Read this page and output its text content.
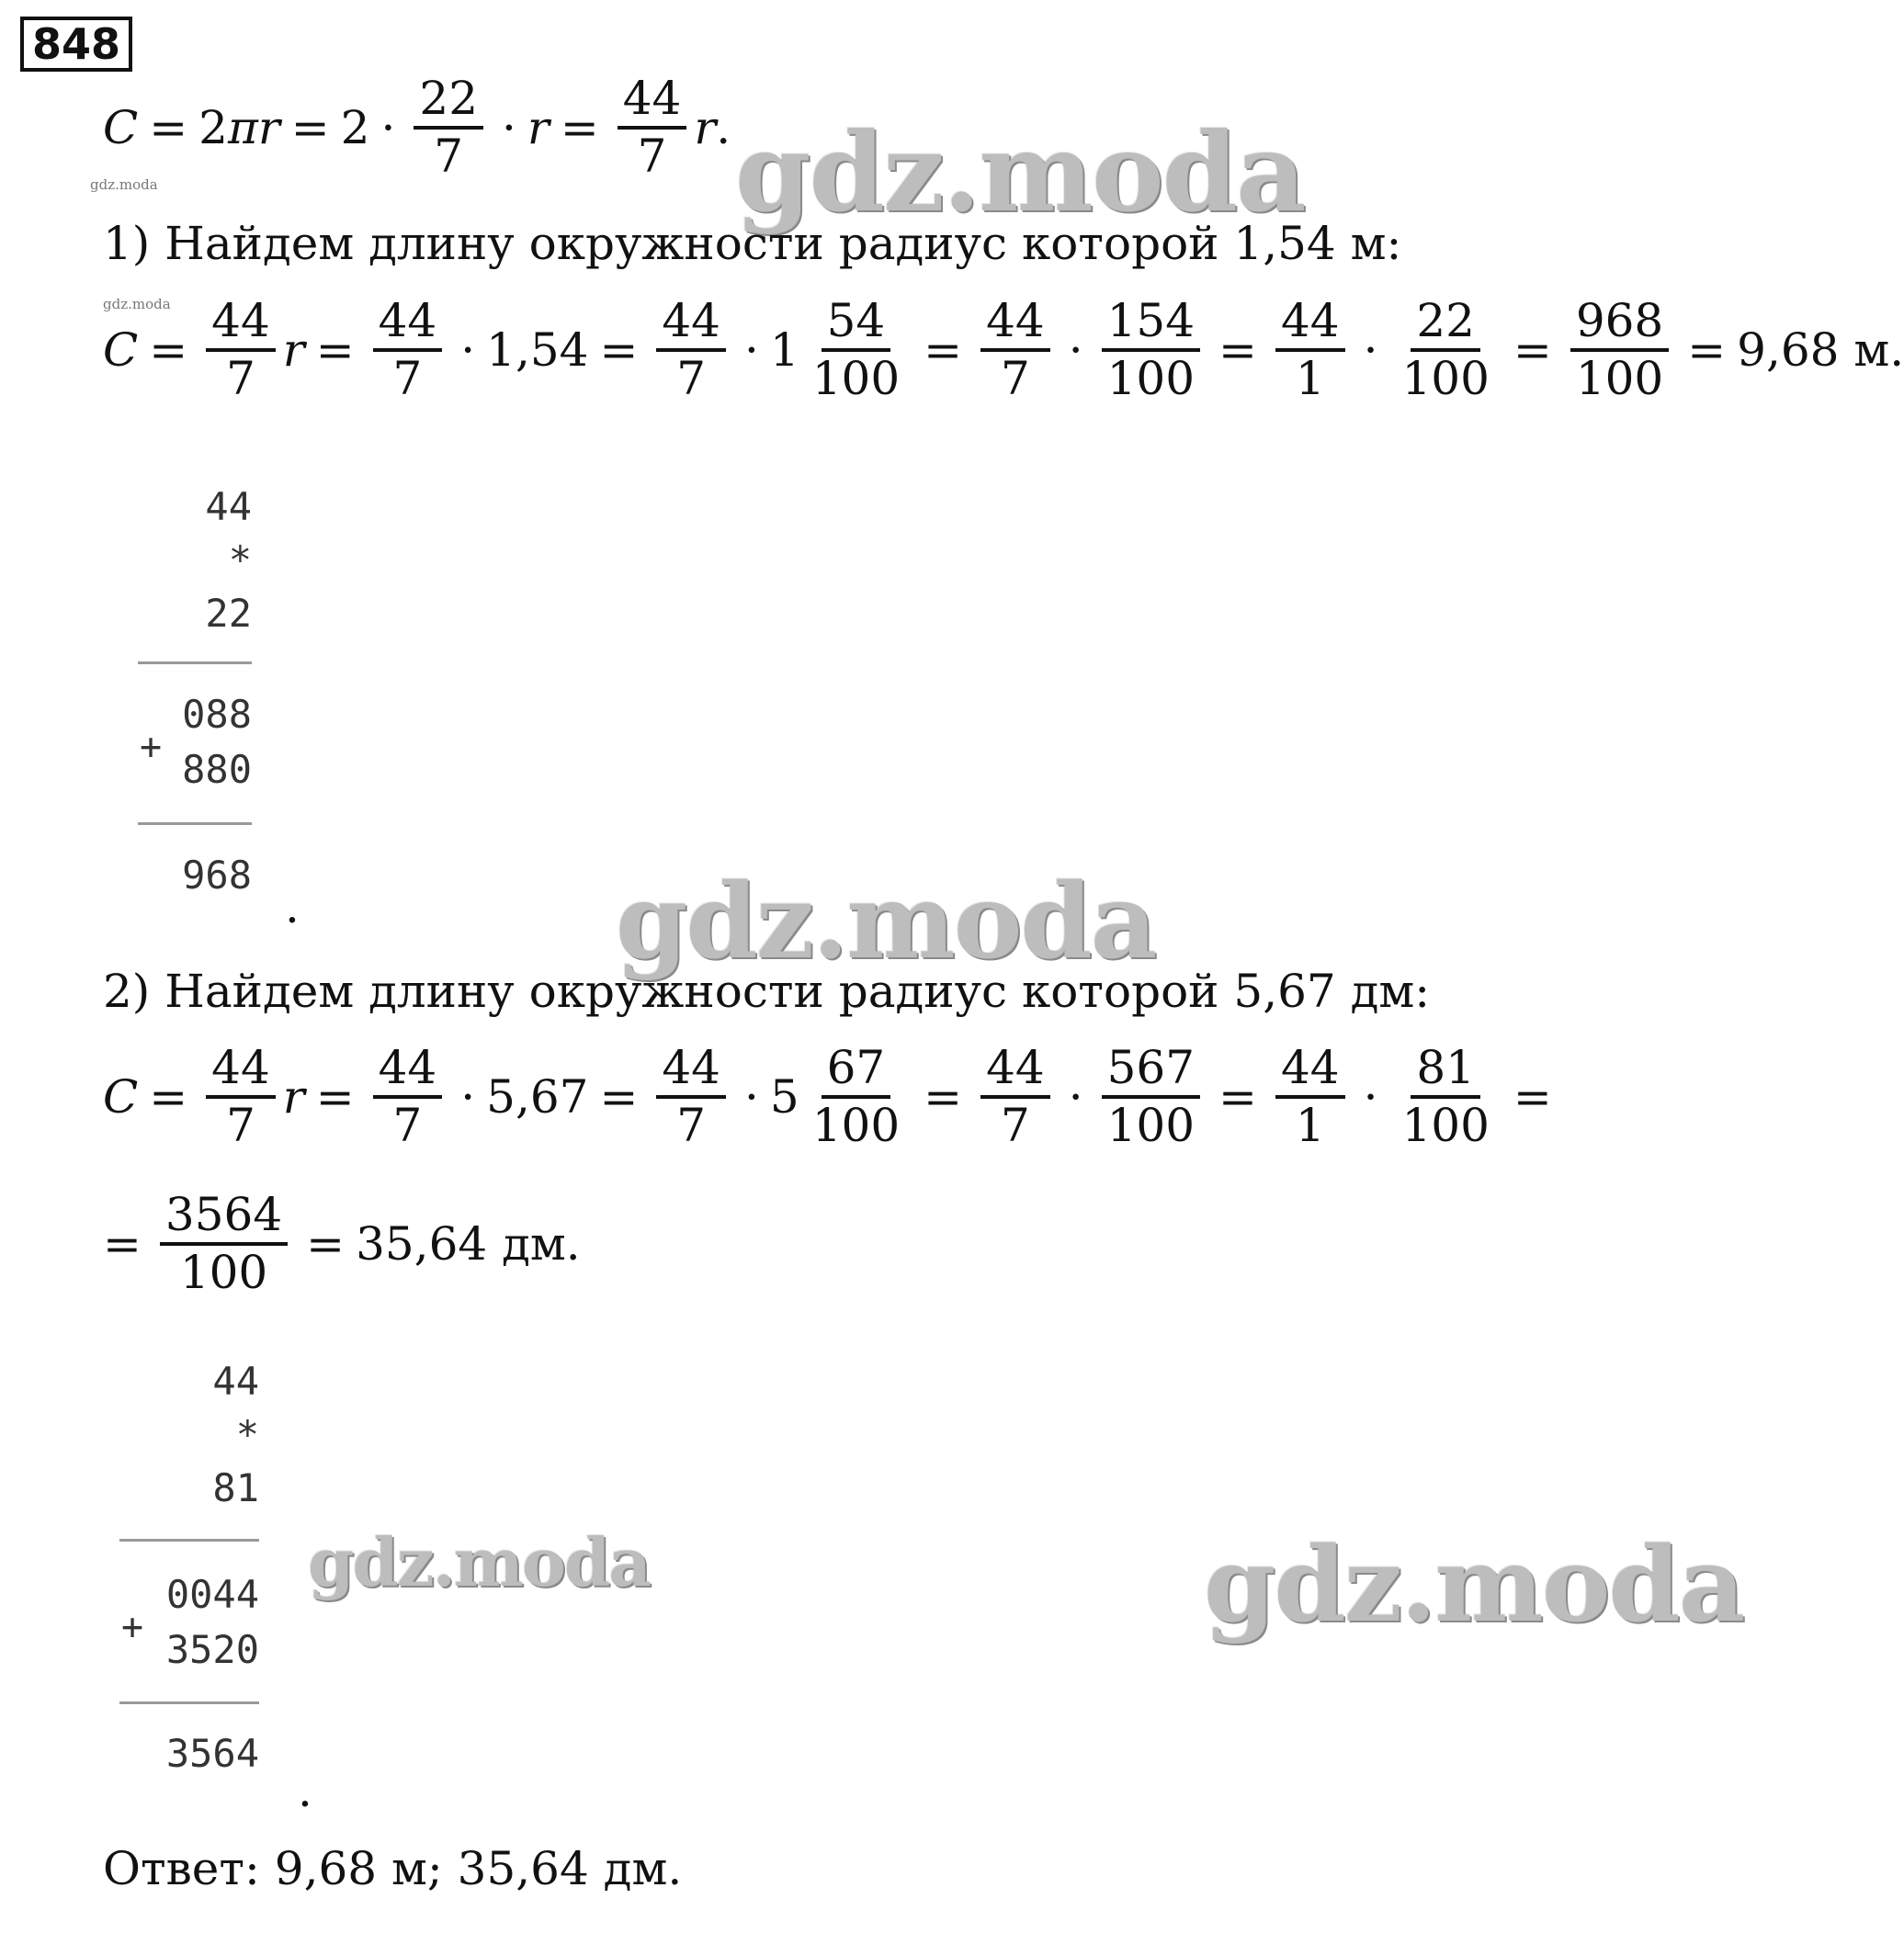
848
C = 2 π $r = 2 \cdot \frac{22}{7} \cdot r = \frac{44}{7}$ r .
gdz.moda	gdz.moda
1) Найдем длину окружности радиус которой 1,54 м:
gdz.moda
$C = \frac{44}{7}$ $r = \frac{44}{7} \cdot 1,54 = \frac{44}{7} \cdot 1 \frac{54}{100} = \frac{44}{7} \cdot \frac{154}{100} = \frac{44}{1} \cdot \frac{22}{100} = \frac{968}{100} = 9,68$ м.
44
*
22
088
880
+
968
.	gdz.moda
2) Найдем длину окружности радиус которой 5,67 дм:
$C = \frac{44}{7}$ $r = \frac{44}{7} \cdot 5,67 = \frac{44}{7} \cdot 5 \frac{67}{100} = \frac{44}{7} \cdot \frac{567}{100} = \frac{44}{1} \cdot \frac{81}{100}$ =
= $\frac{3564}{100} = 35,64$ дм.
44
*
81
0044
3520
+
3564
.
gdz.moda	gdz.moda
Ответ: 9,68 м; 35,64 дм.
